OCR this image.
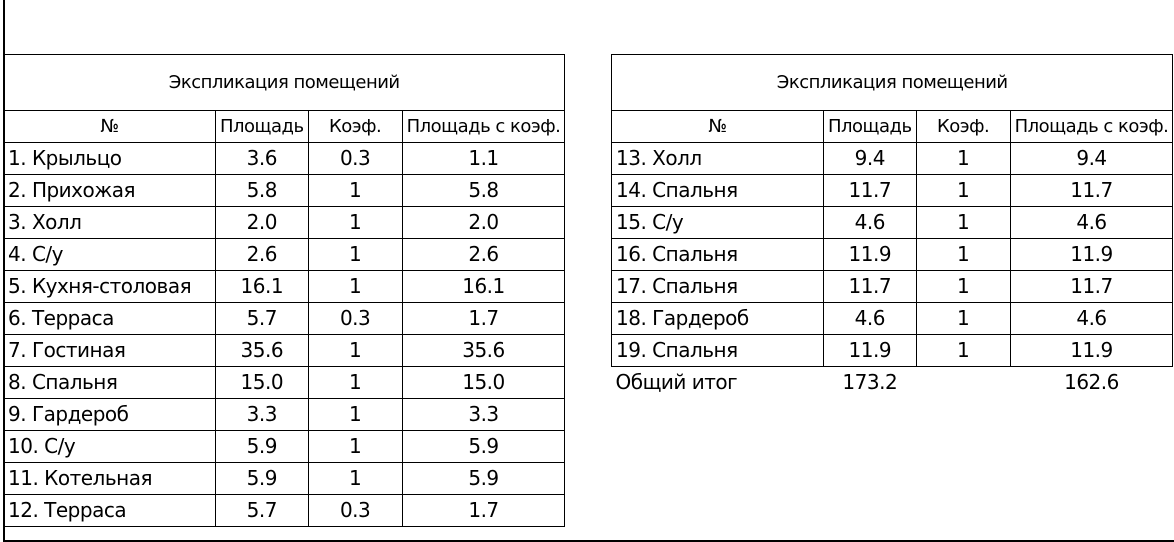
Экспликация помещений			
№	Площадь	Коэф.	Площадь с коэф.
1. Крыльцо	3.6	0.3	1.1
2. Прихожая	5.8	1	5.8
3. Холл	2.0	1	2.0
4. С/у	2.6	1	2.6
5. Кухня-столовая	16.1	1	16.1
6. Терраса	5.7	0.3	1.7
7. Гостиная	35.6	1	35.6
8. Спальня	15.0	1	15.0
9. Гардероб	3.3	1	3.3
10. С/у	5.9	1	5.9
11. Котельная	5.9	1	5.9
12. Терраса	5.7	0.3	1.7
Экспликация помещений			
№	Площадь	Коэф.	Площадь с коэф.
13. Холл	9.4	1	9.4
14. Спальня	11.7	1	11.7
15. С/у	4.6	1	4.6
16. Спальня	11.9	1	11.9
17. Спальня	11.7	1	11.7
18. Гардероб	4.6	1	4.6
19. Спальня	11.9	1	11.9
Общий итог	173.2		162.6
